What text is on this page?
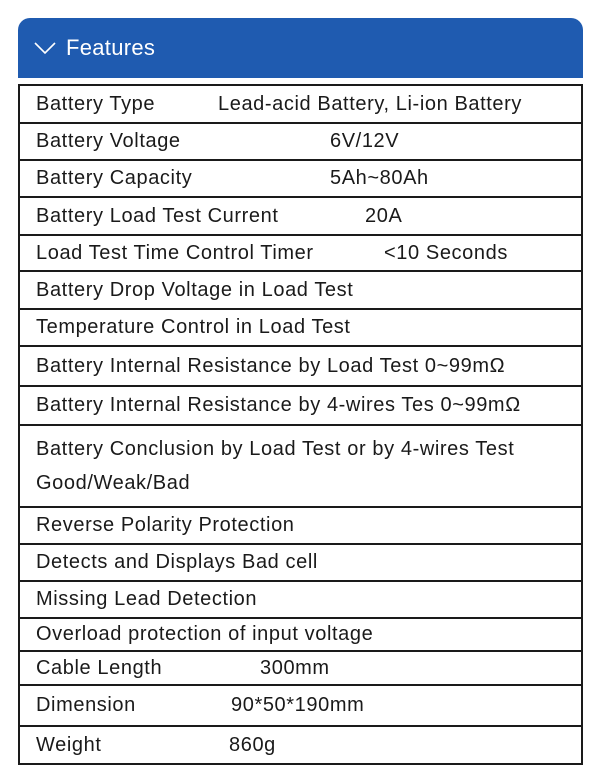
Features
Battery Type	Lead-acid Battery, Li-ion Battery
Battery Voltage	6V/12V
Battery Capacity	5Ah~80Ah
Battery Load Test Current	20A
Load Test Time Control Timer	<10 Seconds
Battery Drop Voltage in Load Test
Temperature Control in Load Test
Battery Internal Resistance by Load Test 0~99mΩ
Battery Internal Resistance by 4-wires Tes 0~99mΩ
Battery Conclusion by Load Test or by 4-wires Test
Good/Weak/Bad
Reverse Polarity Protection
Detects and Displays Bad cell
Missing Lead Detection
Overload protection of input voltage
Cable Length	300mm
Dimension	90*50*190mm
Weight	860g
